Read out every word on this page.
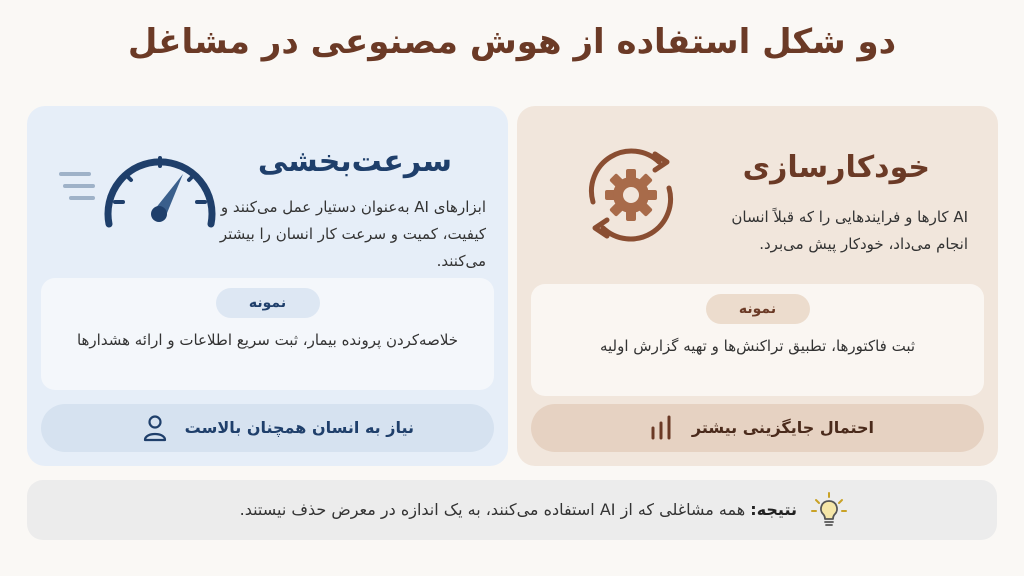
دو شکل استفاده از هوش مصنوعی در مشاغل
سرعت‌بخشی
ابزارهای AI به‌عنوان دستیار عمل می‌کنند و کیفیت، کمیت و سرعت کار انسان را بیشتر می‌کنند.
نمونه
خلاصه‌کردن پرونده بیمار، ثبت سریع اطلاعات و ارائه هشدارها
نیاز به انسان همچنان بالاست
خودکارسازی
AI کارها و فرایندهایی را که قبلاً انسان انجام می‌داد، خودکار پیش می‌برد.
نمونه
ثبت فاکتورها، تطبیق تراکنش‌ها و تهیه گزارش اولیه
احتمال جایگزینی بیشتر
نتیجه: همه مشاغلی که از AI استفاده می‌کنند، به یک اندازه در معرض حذف نیستند.
